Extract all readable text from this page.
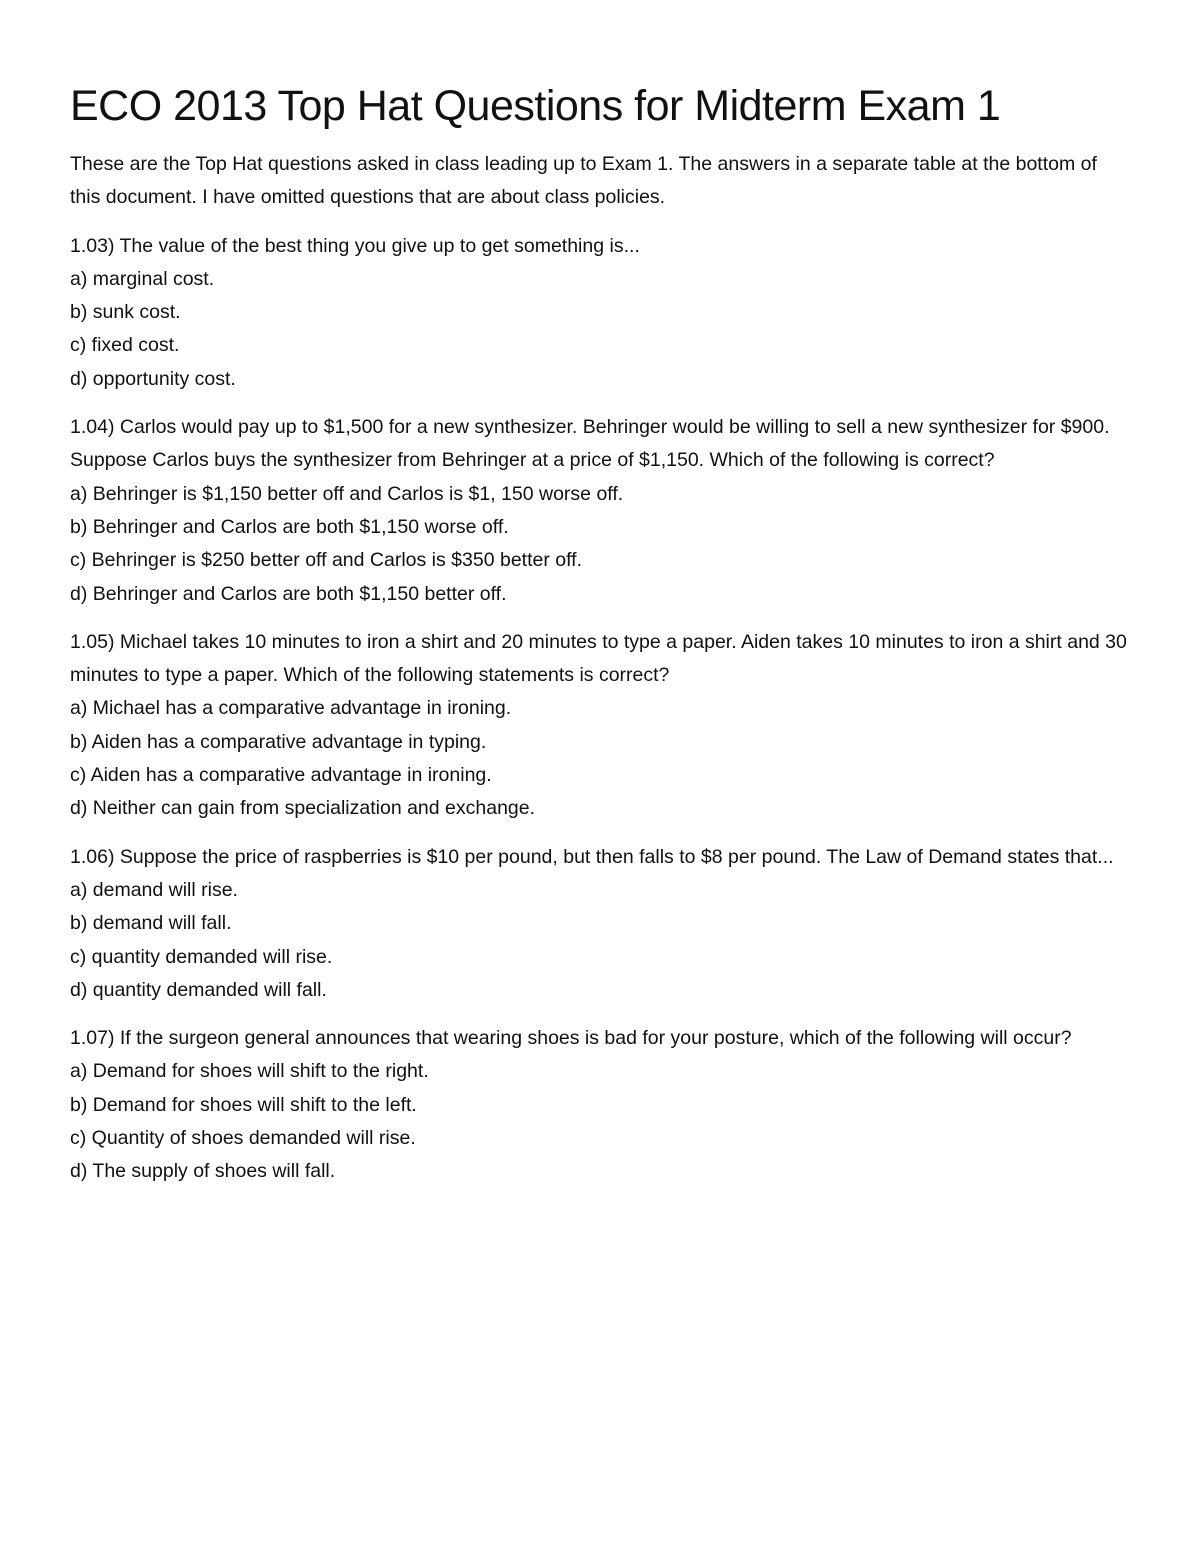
ECO 2013 Top Hat Questions for Midterm Exam 1

These are the Top Hat questions asked in class leading up to Exam 1. The answers in a separate table at the bottom of this document. I have omitted questions that are about class policies.

1.03) The value of the best thing you give up to get something is...
a) marginal cost.
b) sunk cost.
c) fixed cost.
d) opportunity cost.
1.04) Carlos would pay up to $1,500 for a new synthesizer. Behringer would be willing to sell a new synthesizer for $900. Suppose Carlos buys the synthesizer from Behringer at a price of $1,150. Which of the following is correct?
a) Behringer is $1,150 better off and Carlos is $1, 150 worse off.
b) Behringer and Carlos are both $1,150 worse off.
c) Behringer is $250 better off and Carlos is $350 better off.
d) Behringer and Carlos are both $1,150 better off.
1.05) Michael takes 10 minutes to iron a shirt and 20 minutes to type a paper. Aiden takes 10 minutes to iron a shirt and 30 minutes to type a paper. Which of the following statements is correct?
a) Michael has a comparative advantage in ironing.
b) Aiden has a comparative advantage in typing.
c) Aiden has a comparative advantage in ironing.
d) Neither can gain from specialization and exchange.
1.06) Suppose the price of raspberries is $10 per pound, but then falls to $8 per pound. The Law of Demand states that...
a) demand will rise.
b) demand will fall.
c) quantity demanded will rise.
d) quantity demanded will fall.
1.07) If the surgeon general announces that wearing shoes is bad for your posture, which of the following will occur?
a) Demand for shoes will shift to the right.
b) Demand for shoes will shift to the left.
c) Quantity of shoes demanded will rise.
d) The supply of shoes will fall.
